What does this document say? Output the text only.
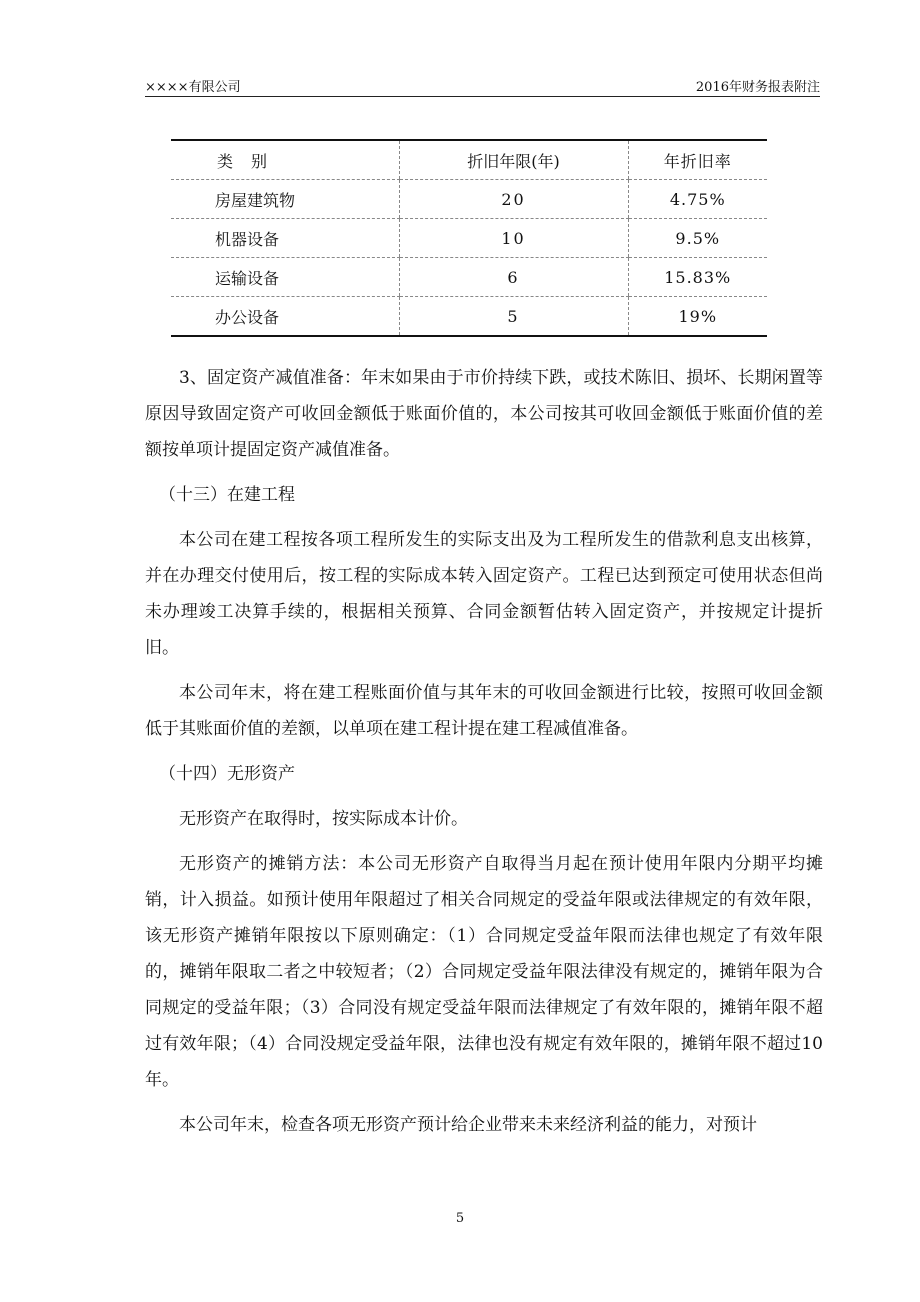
××××有限公司	2016年财务报表附注
类别	折旧年限(年)	年折旧率
房屋建筑物	20	4.75%
机器设备	10	9.5%
运输设备	6	15.83%
办公设备	5	19%

3、固定资产减值准备：年末如果由于市价持续下跌，或技术陈旧、损坏、长期闲置等原因导致固定资产可收回金额低于账面价值的，本公司按其可收回金额低于账面价值的差额按单项计提固定资产减值准备。

（十三）在建工程

本公司在建工程按各项工程所发生的实际支出及为工程所发生的借款利息支出核算，并在办理交付使用后，按工程的实际成本转入固定资产。工程已达到预定可使用状态但尚未办理竣工决算手续的，根据相关预算、合同金额暂估转入固定资产，并按规定计提折旧。

本公司年末，将在建工程账面价值与其年末的可收回金额进行比较，按照可收回金额低于其账面价值的差额，以单项在建工程计提在建工程减值准备。

（十四）无形资产

无形资产在取得时，按实际成本计价。

无形资产的摊销方法：本公司无形资产自取得当月起在预计使用年限内分期平均摊销，计入损益。如预计使用年限超过了相关合同规定的受益年限或法律规定的有效年限，该无形资产摊销年限按以下原则确定：（1）合同规定受益年限而法律也规定了有效年限的，摊销年限取二者之中较短者；（2）合同规定受益年限法律没有规定的，摊销年限为合同规定的受益年限；（3）合同没有规定受益年限而法律规定了有效年限的，摊销年限不超过有效年限；（4）合同没规定受益年限，法律也没有规定有效年限的，摊销年限不超过10年。

本公司年末，检查各项无形资产预计给企业带来未来经济利益的能力，对预计

5
